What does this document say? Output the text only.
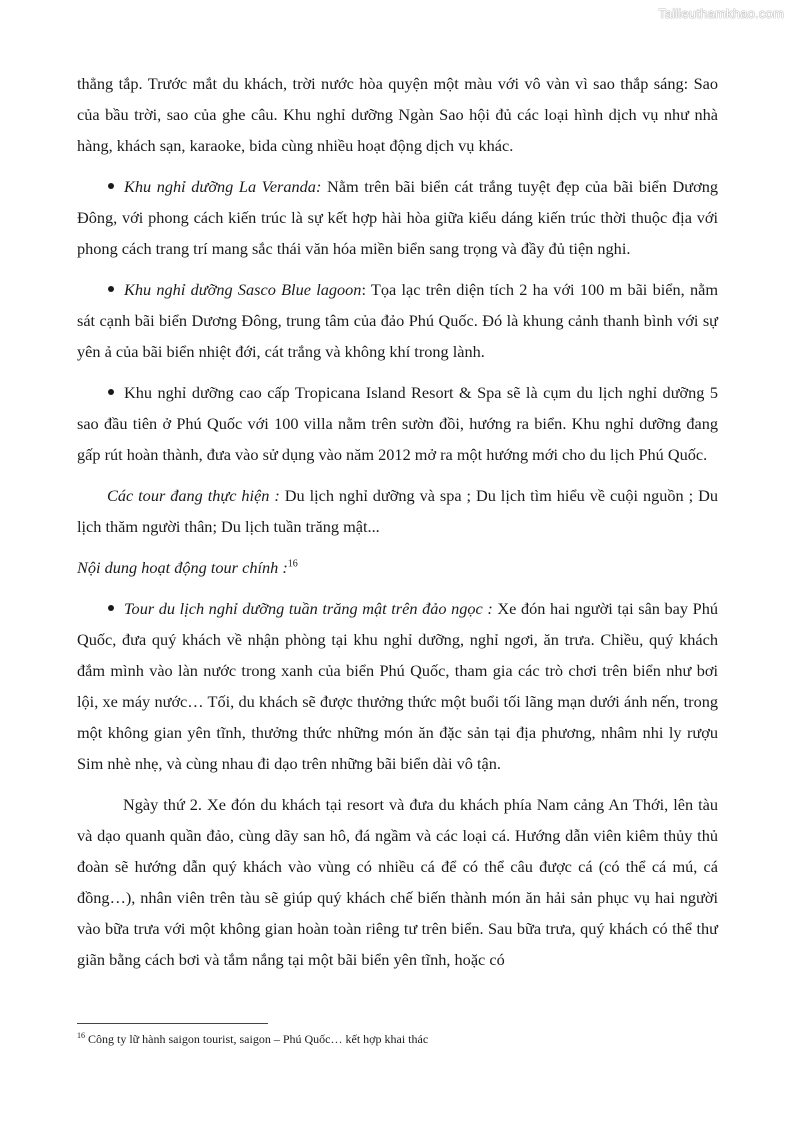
Tailieuthamkhao.com

thẳng tắp. Trước mắt du khách, trời nước hòa quyện một màu với vô vàn vì sao thắp sáng: Sao của bầu trời, sao của ghe câu. Khu nghỉ dưỡng Ngàn Sao hội đủ các loại hình dịch vụ như nhà hàng, khách sạn, karaoke, bida cùng nhiều hoạt động dịch vụ khác.

Khu nghỉ dưỡng La Veranda: Nằm trên bãi biển cát trắng tuyệt đẹp của bãi biển Dương Đông, với phong cách kiến trúc là sự kết hợp hài hòa giữa kiểu dáng kiến trúc thời thuộc địa với phong cách trang trí mang sắc thái văn hóa miền biển sang trọng và đầy đủ tiện nghi.

Khu nghỉ dưỡng Sasco Blue lagoon: Tọa lạc trên diện tích 2 ha với 100 m bãi biển, nằm sát cạnh bãi biển Dương Đông, trung tâm của đảo Phú Quốc. Đó là khung cảnh thanh bình với sự yên ả của bãi biển nhiệt đới, cát trắng và không khí trong lành.

Khu nghỉ dưỡng cao cấp Tropicana Island Resort & Spa sẽ là cụm du lịch nghỉ dưỡng 5 sao đầu tiên ở Phú Quốc với 100 villa nằm trên sườn đồi, hướng ra biển. Khu nghỉ dưỡng đang gấp rút hoàn thành, đưa vào sử dụng vào năm 2012 mở ra một hướng mới cho du lịch Phú Quốc.

Các tour đang thực hiện : Du lịch nghỉ dưỡng và spa ; Du lịch tìm hiểu về cuội nguồn ; Du lịch thăm người thân; Du lịch tuần trăng mật...

Nội dung hoạt động tour chính :$^{16}$

Tour du lịch nghỉ dưỡng tuần trăng mật trên đảo ngọc : Xe đón hai người tại sân bay Phú Quốc, đưa quý khách về nhận phòng tại khu nghỉ dưỡng, nghỉ ngơi, ăn trưa. Chiều, quý khách đắm mình vào làn nước trong xanh của biển Phú Quốc, tham gia các trò chơi trên biển như bơi lội, xe máy nước… Tối, du khách sẽ được thưởng thức một buổi tối lãng mạn dưới ánh nến, trong một không gian yên tĩnh, thưởng thức những món ăn đặc sản tại địa phương, nhâm nhi ly rượu Sim nhè nhẹ, và cùng nhau đi dạo trên những bãi biển dài vô tận.

Ngày thứ 2. Xe đón du khách tại resort và đưa du khách phía Nam cảng An Thới, lên tàu và dạo quanh quần đảo, cùng dãy san hô, đá ngầm và các loại cá. Hướng dẫn viên kiêm thủy thủ đoàn sẽ hướng dẫn quý khách vào vùng có nhiều cá để có thể câu được cá (có thể cá mú, cá đồng…), nhân viên trên tàu sẽ giúp quý khách chế biến thành món ăn hải sản phục vụ hai người vào bữa trưa với một không gian hoàn toàn riêng tư trên biển. Sau bữa trưa, quý khách có thể thư giãn bằng cách bơi và tắm nắng tại một bãi biển yên tĩnh, hoặc có

$^{16}$ Công ty lữ hành saigon tourist, saigon – Phú Quốc… kết hợp khai thác
